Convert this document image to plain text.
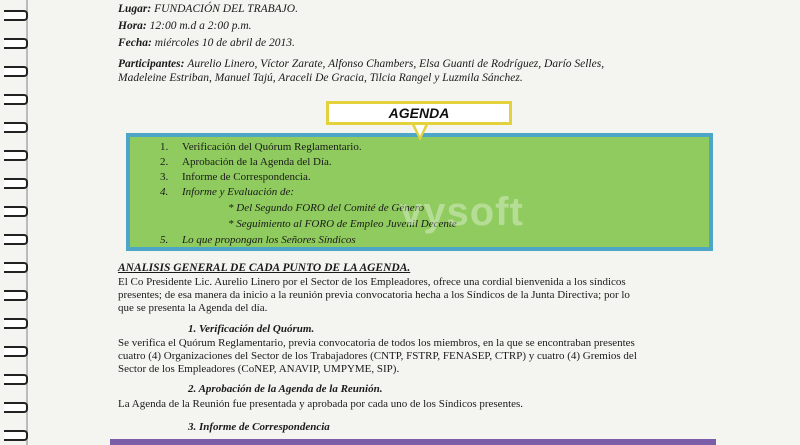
Lugar: FUNDACIÓN DEL TRABAJO.
Hora: 12:00 m.d a 2:00 p.m.
Fecha: miércoles 10 de abril de 2013.
Participantes: Aurelio Linero, Víctor Zarate, Alfonso Chambers, Elsa Guanti de Rodríguez, Darío Selles,
Madeleine Estriban, Manuel Tajú, Araceli De Gracia, Tilcia Rangel y Luzmila Sánchez.
AGENDA
1. Verificación del Quórum Reglamentario.
2. Aprobación de la Agenda del Día.
3. Informe de Correspondencia.
4. Informe y Evaluación de:
* Del Segundo FORO del Comité de Género
* Seguimiento al FORO de Empleo Juvenil Decente
5. Lo que propongan los Señores Síndicos
vysoft
ANALISIS GENERAL DE CADA PUNTO DE LA AGENDA.
El Co Presidente Lic. Aurelio Linero por el Sector de los Empleadores, ofrece una cordial bienvenida a los síndicos
presentes; de esa manera da inicio a la reunión previa convocatoria hecha a los Síndicos de la Junta Directiva; por lo
que se presenta la Agenda del día.
1. Verificación del Quórum.
Se verifica el Quórum Reglamentario, previa convocatoria de todos los miembros, en la que se encontraban presentes
cuatro (4) Organizaciones del Sector de los Trabajadores (CNTP, FSTRP, FENASEP, CTRP) y cuatro (4) Gremios del
Sector de los Empleadores (CoNEP, ANAVIP, UMPYME, SIP).
2. Aprobación de la Agenda de la Reunión.
La Agenda de la Reunión fue presentada y aprobada por cada uno de los Síndicos presentes.
3. Informe de Correspondencia
